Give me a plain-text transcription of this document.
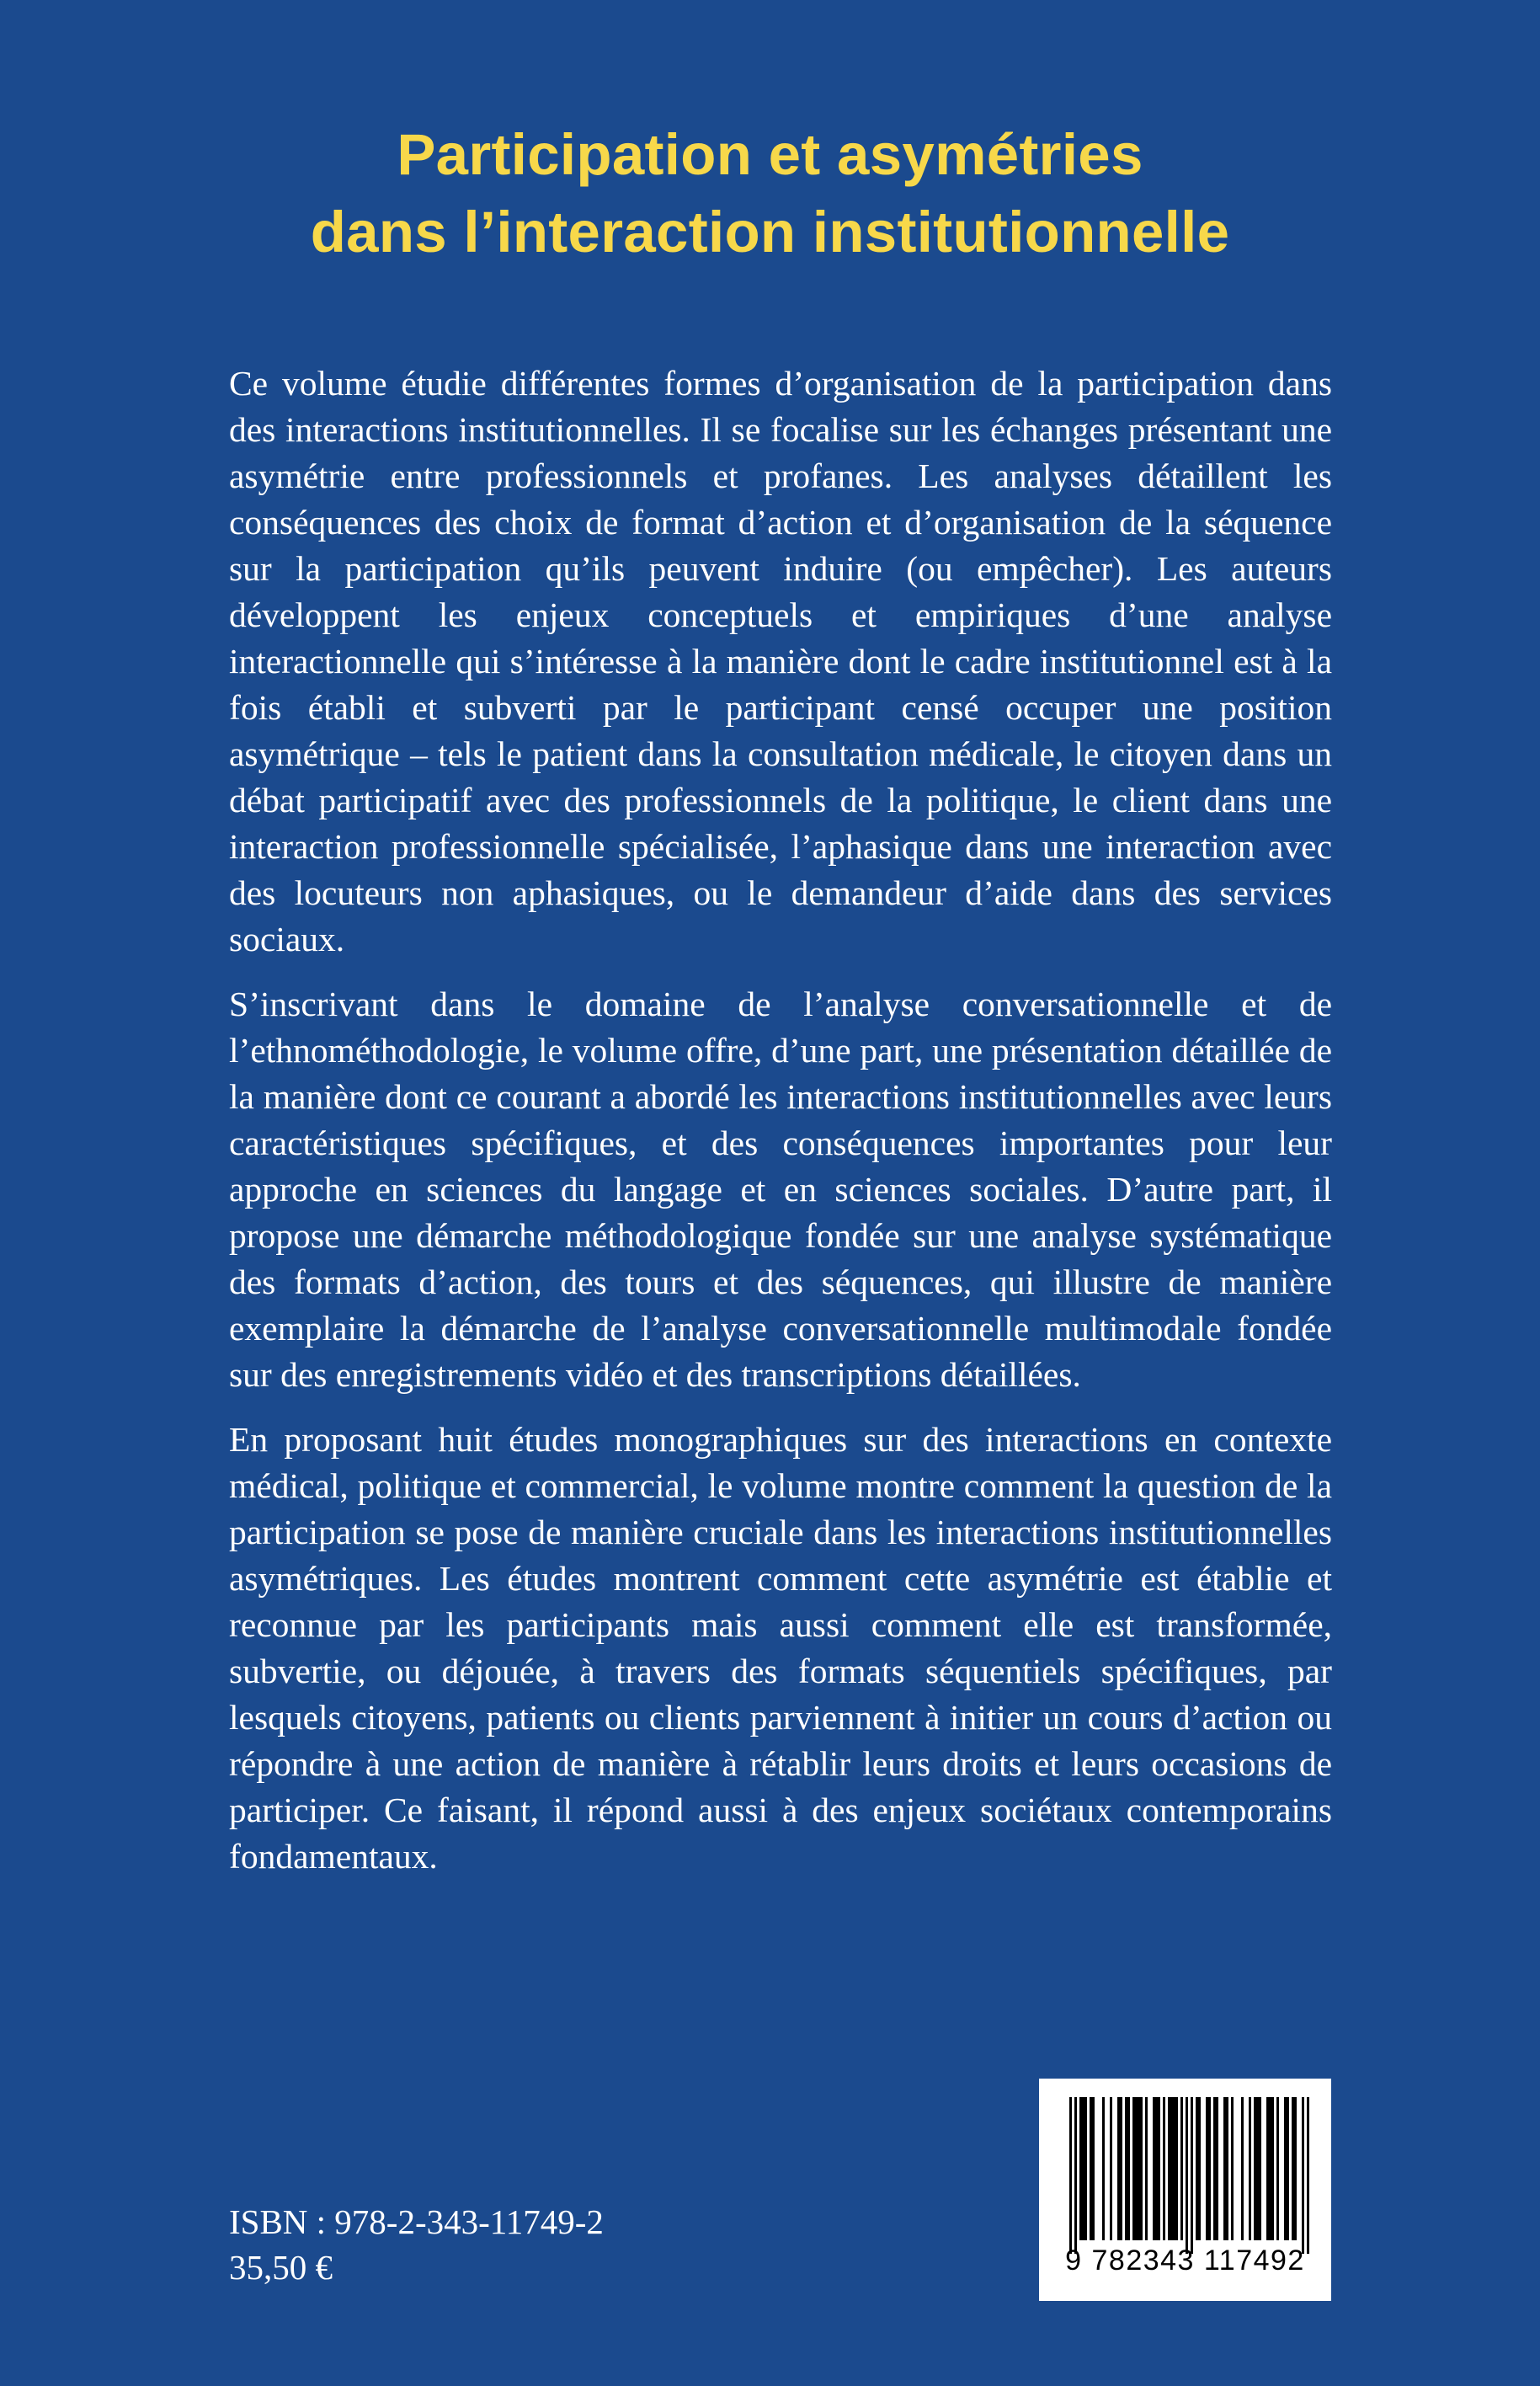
Participation et asymétries
dans l’interaction institutionnelle

Ce volume étudie différentes formes d’organisation de la participation dans des interactions institutionnelles. Il se focalise sur les échanges présentant une asymétrie entre professionnels et profanes. Les analyses détaillent les conséquences des choix de format d’action et d’organisation de la séquence sur la participation qu’ils peuvent induire (ou empêcher). Les auteurs développent les enjeux conceptuels et empiriques d’une analyse interactionnelle qui s’intéresse à la manière dont le cadre institutionnel est à la fois établi et subverti par le participant censé occuper une position asymétrique – tels le patient dans la consultation médicale, le citoyen dans un débat participatif avec des professionnels de la politique, le client dans une interaction professionnelle spécialisée, l’aphasique dans une interaction avec des locuteurs non aphasiques, ou le demandeur d’aide dans des services sociaux.

S’inscrivant dans le domaine de l’analyse conversationnelle et de l’ethnométhodologie, le volume offre, d’une part, une présentation détaillée de la manière dont ce courant a abordé les interactions institutionnelles avec leurs caractéristiques spécifiques, et des conséquences importantes pour leur approche en sciences du langage et en sciences sociales. D’autre part, il propose une démarche méthodologique fondée sur une analyse systématique des formats d’action, des tours et des séquences, qui illustre de manière exemplaire la démarche de l’analyse conversationnelle multimodale fondée sur des enregistrements vidéo et des transcriptions détaillées.

En proposant huit études monographiques sur des interactions en contexte médical, politique et commercial, le volume montre comment la question de la participation se pose de manière cruciale dans les interactions institutionnelles asymétriques. Les études montrent comment cette asymétrie est établie et reconnue par les participants mais aussi comment elle est transformée, subvertie, ou déjouée, à travers des formats séquentiels spécifiques, par lesquels citoyens, patients ou clients parviennent à initier un cours d’action ou répondre à une action de manière à rétablir leurs droits et leurs occasions de participer. Ce faisant, il répond aussi à des enjeux sociétaux contemporains fondamentaux.

ISBN : 978-2-343-11749-2
35,50 €	9 782343 117492
